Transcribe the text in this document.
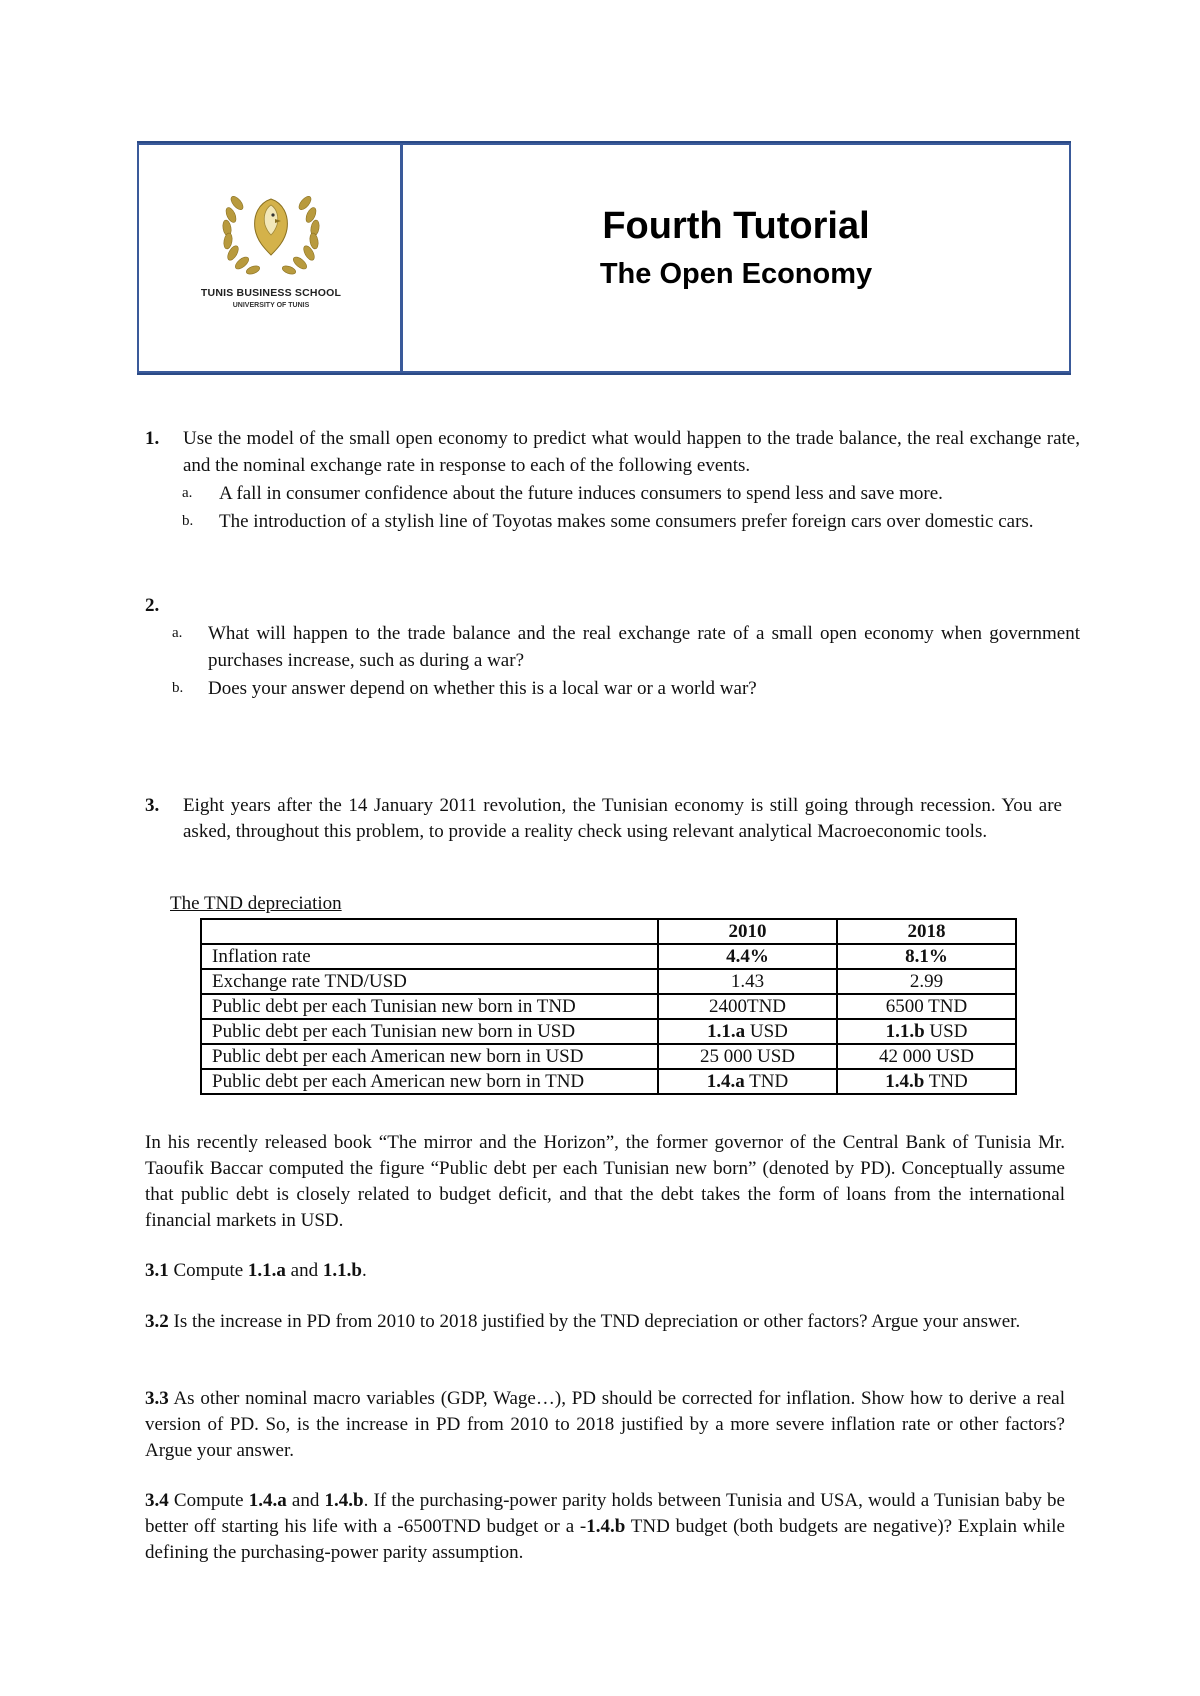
TUNIS BUSINESS SCHOOL
UNIVERSITY OF TUNIS
Fourth Tutorial
The Open Economy
1. Use the model of the small open economy to predict what would happen to the trade balance, the real exchange rate, and the nominal exchange rate in response to each of the following events.
a. A fall in consumer confidence about the future induces consumers to spend less and save more.
b. The introduction of a stylish line of Toyotas makes some consumers prefer foreign cars over domestic cars.
2.
a. What will happen to the trade balance and the real exchange rate of a small open economy when government purchases increase, such as during a war?
b. Does your answer depend on whether this is a local war or a world war?
3. Eight years after the 14 January 2011 revolution, the Tunisian economy is still going through recession. You are asked, throughout this problem, to provide a reality check using relevant analytical Macroeconomic tools.
The TND depreciation
	2010	2018
Inflation rate	4.4%	8.1%
Exchange rate TND/USD	1.43	2.99
Public debt per each Tunisian new born in TND	2400TND	6500 TND
Public debt per each Tunisian new born in USD	1.1.a USD	1.1.b USD
Public debt per each American new born in USD	25 000 USD	42 000 USD
Public debt per each American new born in TND	1.4.a TND	1.4.b TND
In his recently released book “The mirror and the Horizon”, the former governor of the Central Bank of Tunisia Mr. Taoufik Baccar computed the figure “Public debt per each Tunisian new born” (denoted by PD). Conceptually assume that public debt is closely related to budget deficit, and that the debt takes the form of loans from the international financial markets in USD.
3.1 Compute 1.1.a and 1.1.b.
3.2 Is the increase in PD from 2010 to 2018 justified by the TND depreciation or other factors? Argue your answer.
3.3 As other nominal macro variables (GDP, Wage…), PD should be corrected for inflation. Show how to derive a real version of PD. So, is the increase in PD from 2010 to 2018 justified by a more severe inflation rate or other factors? Argue your answer.
3.4 Compute 1.4.a and 1.4.b. If the purchasing-power parity holds between Tunisia and USA, would a Tunisian baby be better off starting his life with a -6500TND budget or a -1.4.b TND budget (both budgets are negative)? Explain while defining the purchasing-power parity assumption.
